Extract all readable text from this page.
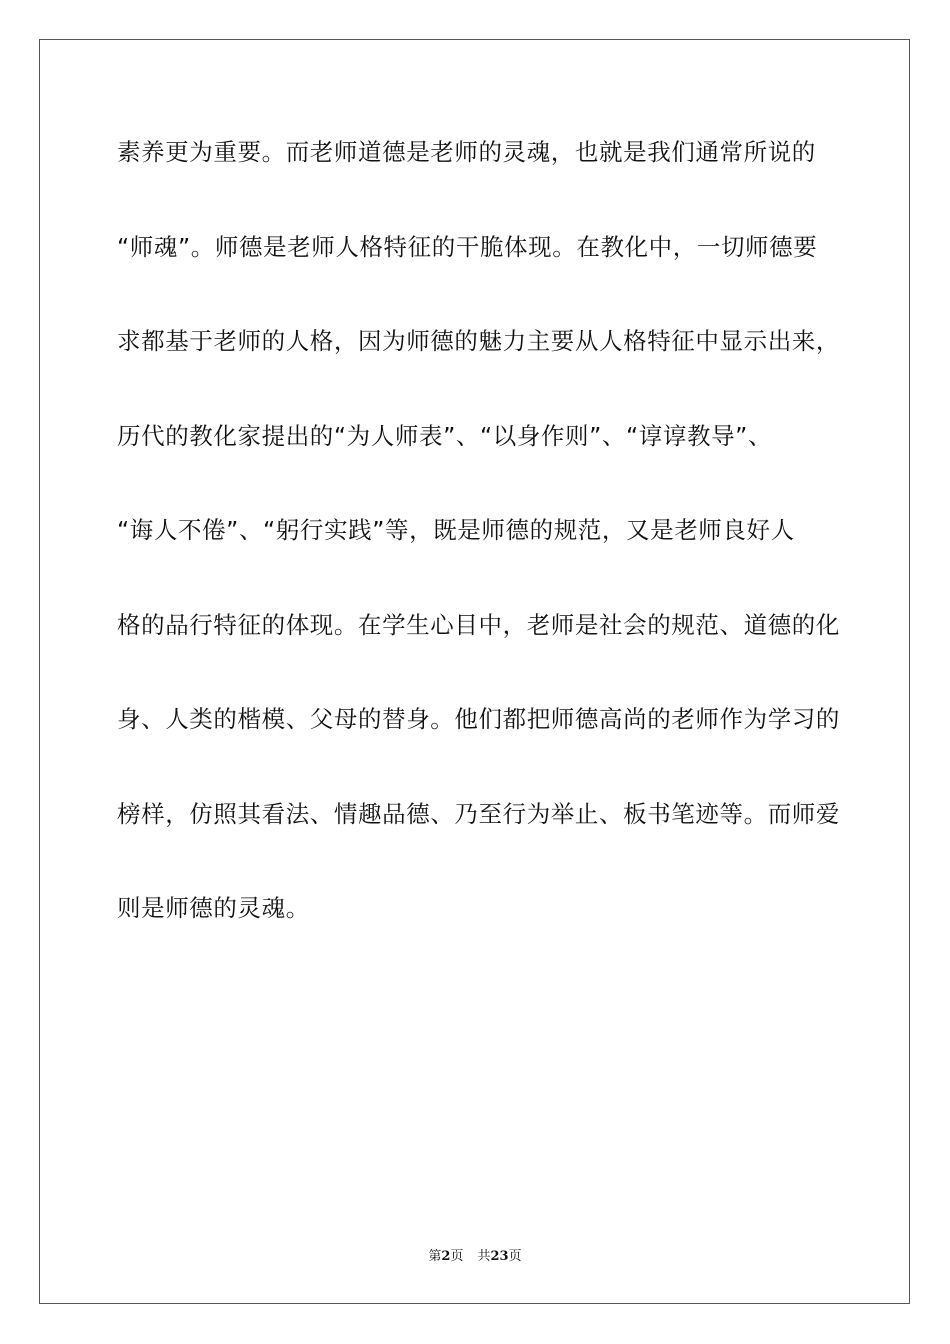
素养更为重要。而老师道德是老师的灵魂，也就是我们通常所说的
“师魂”。师德是老师人格特征的干脆体现。在教化中，一切师德要
求都基于老师的人格，因为师德的魅力主要从人格特征中显示出来，
历代的教化家提出的“为人师表”、“以身作则”、“谆谆教导”、
“诲人不倦”、“躬行实践”等，既是师德的规范，又是老师良好人
格的品行特征的体现。在学生心目中，老师是社会的规范、道德的化
身、人类的楷模、父母的替身。他们都把师德高尚的老师作为学习的
榜样，仿照其看法、情趣品德、乃至行为举止、板书笔迹等。而师爱
则是师德的灵魂。
第2页 共23页
